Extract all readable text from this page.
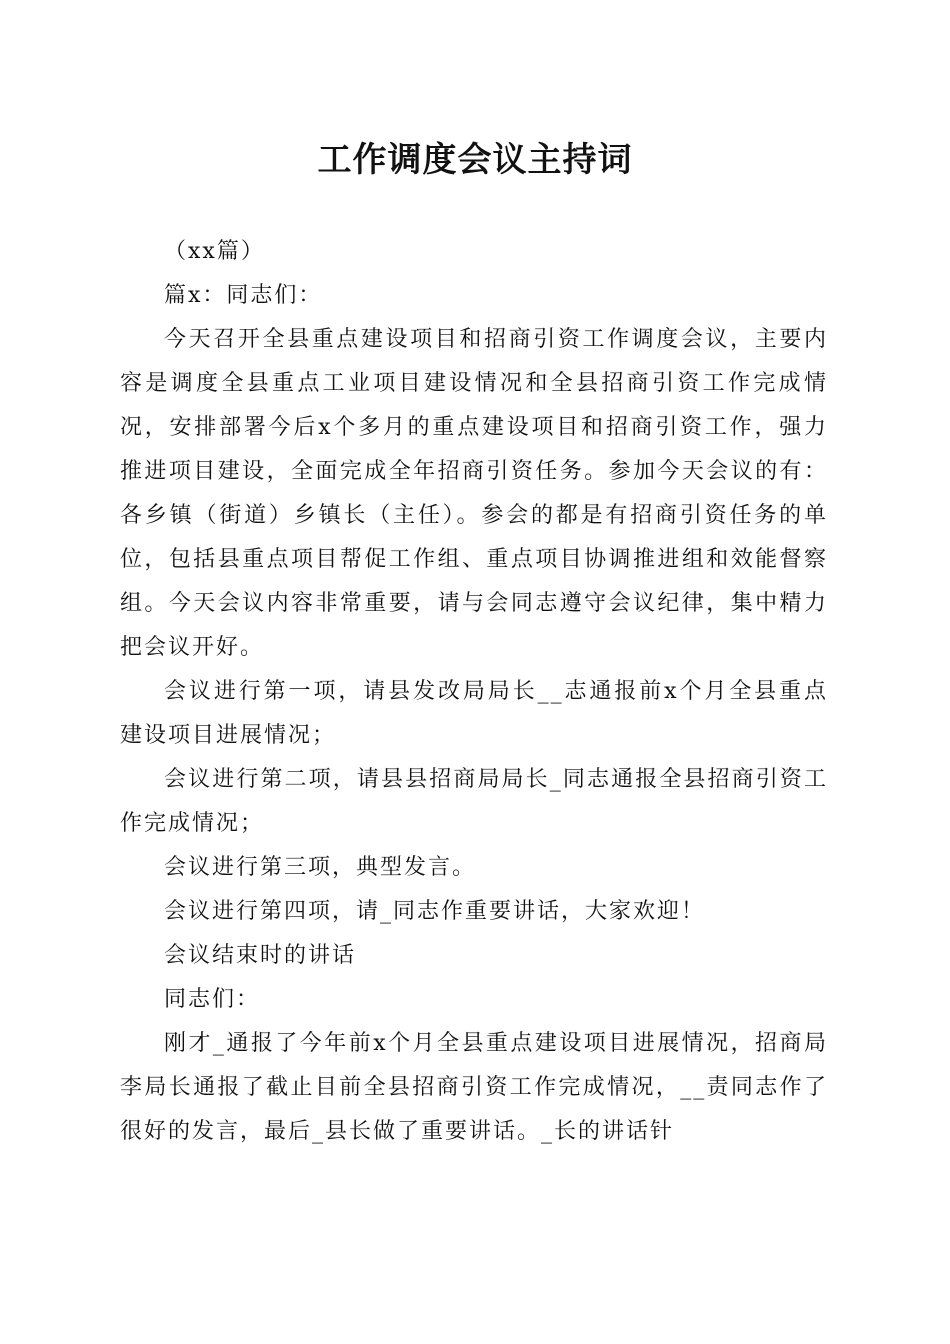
工作调度会议主持词

（xx篇）

篇x：同志们：

今天召开全县重点建设项目和招商引资工作调度会议，主要内容是调度全县重点工业项目建设情况和全县招商引资工作完成情况，安排部署今后x个多月的重点建设项目和招商引资工作，强力推进项目建设，全面完成全年招商引资任务。参加今天会议的有：各乡镇（街道）乡镇长（主任）。参会的都是有招商引资任务的单位，包括县重点项目帮促工作组、重点项目协调推进组和效能督察组。今天会议内容非常重要，请与会同志遵守会议纪律，集中精力把会议开好。

会议进行第一项，请县发改局局长__志通报前x个月全县重点建设项目进展情况；

会议进行第二项，请县县招商局局长_同志通报全县招商引资工作完成情况；

会议进行第三项，典型发言。

会议进行第四项，请_同志作重要讲话，大家欢迎！

会议结束时的讲话

同志们：

刚才_通报了今年前x个月全县重点建设项目进展情况，招商局李局长通报了截止目前全县招商引资工作完成情况，__责同志作了很好的发言，最后_县长做了重要讲话。_长的讲话针
